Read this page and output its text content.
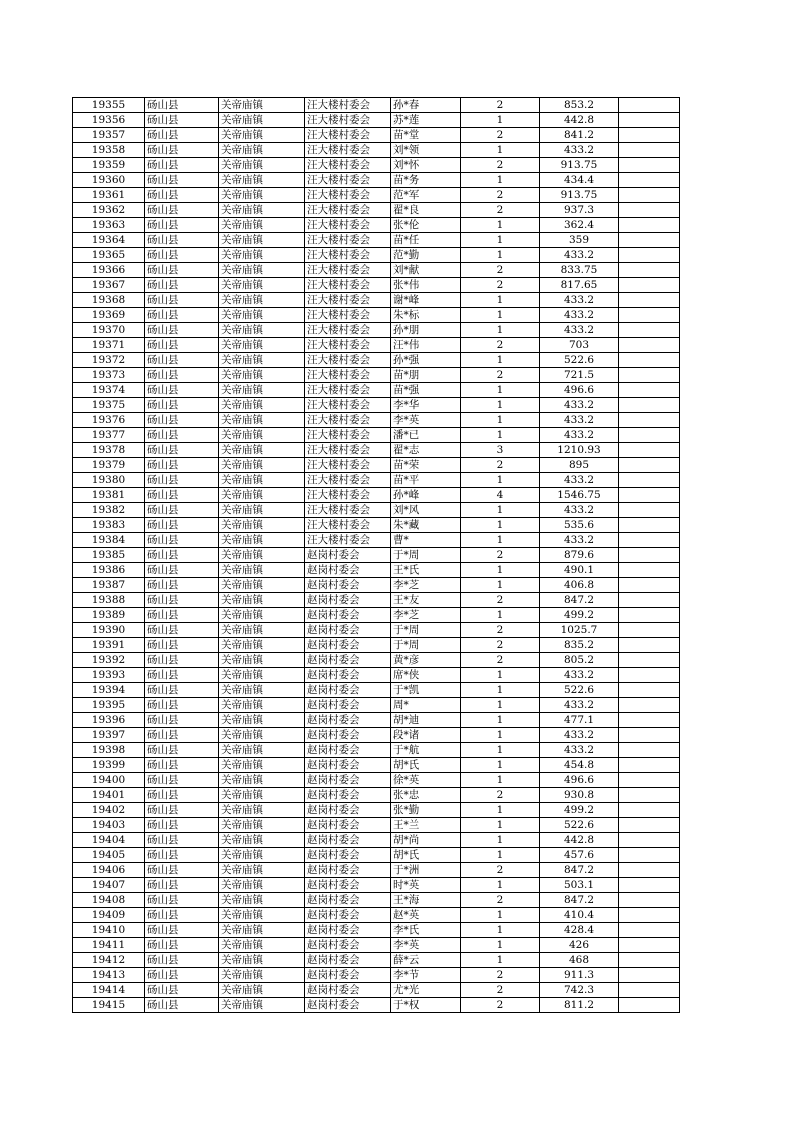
19355	砀山县	关帝庙镇	汪大楼村委会	孙*春	2	853.2	
19356	砀山县	关帝庙镇	汪大楼村委会	苏*莲	1	442.8	
19357	砀山县	关帝庙镇	汪大楼村委会	苗*堂	2	841.2	
19358	砀山县	关帝庙镇	汪大楼村委会	刘*领	1	433.2	
19359	砀山县	关帝庙镇	汪大楼村委会	刘*怀	2	913.75	
19360	砀山县	关帝庙镇	汪大楼村委会	苗*务	1	434.4	
19361	砀山县	关帝庙镇	汪大楼村委会	范*军	2	913.75	
19362	砀山县	关帝庙镇	汪大楼村委会	翟*良	2	937.3	
19363	砀山县	关帝庙镇	汪大楼村委会	张*伦	1	362.4	
19364	砀山县	关帝庙镇	汪大楼村委会	苗*任	1	359	
19365	砀山县	关帝庙镇	汪大楼村委会	范*勤	1	433.2	
19366	砀山县	关帝庙镇	汪大楼村委会	刘*献	2	833.75	
19367	砀山县	关帝庙镇	汪大楼村委会	张*伟	2	817.65	
19368	砀山县	关帝庙镇	汪大楼村委会	谢*峰	1	433.2	
19369	砀山县	关帝庙镇	汪大楼村委会	朱*标	1	433.2	
19370	砀山县	关帝庙镇	汪大楼村委会	孙*朋	1	433.2	
19371	砀山县	关帝庙镇	汪大楼村委会	汪*伟	2	703	
19372	砀山县	关帝庙镇	汪大楼村委会	孙*强	1	522.6	
19373	砀山县	关帝庙镇	汪大楼村委会	苗*朋	2	721.5	
19374	砀山县	关帝庙镇	汪大楼村委会	苗*强	1	496.6	
19375	砀山县	关帝庙镇	汪大楼村委会	李*华	1	433.2	
19376	砀山县	关帝庙镇	汪大楼村委会	李*英	1	433.2	
19377	砀山县	关帝庙镇	汪大楼村委会	潘*已	1	433.2	
19378	砀山县	关帝庙镇	汪大楼村委会	翟*志	3	1210.93	
19379	砀山县	关帝庙镇	汪大楼村委会	苗*荣	2	895	
19380	砀山县	关帝庙镇	汪大楼村委会	苗*平	1	433.2	
19381	砀山县	关帝庙镇	汪大楼村委会	孙*峰	4	1546.75	
19382	砀山县	关帝庙镇	汪大楼村委会	刘*风	1	433.2	
19383	砀山县	关帝庙镇	汪大楼村委会	朱*藏	1	535.6	
19384	砀山县	关帝庙镇	汪大楼村委会	曹*	1	433.2	
19385	砀山县	关帝庙镇	赵岗村委会	于*周	2	879.6	
19386	砀山县	关帝庙镇	赵岗村委会	王*氏	1	490.1	
19387	砀山县	关帝庙镇	赵岗村委会	李*芝	1	406.8	
19388	砀山县	关帝庙镇	赵岗村委会	王*友	2	847.2	
19389	砀山县	关帝庙镇	赵岗村委会	李*芝	1	499.2	
19390	砀山县	关帝庙镇	赵岗村委会	于*周	2	1025.7	
19391	砀山县	关帝庙镇	赵岗村委会	于*周	2	835.2	
19392	砀山县	关帝庙镇	赵岗村委会	黄*彦	2	805.2	
19393	砀山县	关帝庙镇	赵岗村委会	席*侠	1	433.2	
19394	砀山县	关帝庙镇	赵岗村委会	于*凯	1	522.6	
19395	砀山县	关帝庙镇	赵岗村委会	周*	1	433.2	
19396	砀山县	关帝庙镇	赵岗村委会	胡*迪	1	477.1	
19397	砀山县	关帝庙镇	赵岗村委会	段*诸	1	433.2	
19398	砀山县	关帝庙镇	赵岗村委会	于*航	1	433.2	
19399	砀山县	关帝庙镇	赵岗村委会	胡*氏	1	454.8	
19400	砀山县	关帝庙镇	赵岗村委会	徐*英	1	496.6	
19401	砀山县	关帝庙镇	赵岗村委会	张*忠	2	930.8	
19402	砀山县	关帝庙镇	赵岗村委会	张*勤	1	499.2	
19403	砀山县	关帝庙镇	赵岗村委会	王*兰	1	522.6	
19404	砀山县	关帝庙镇	赵岗村委会	胡*尚	1	442.8	
19405	砀山县	关帝庙镇	赵岗村委会	胡*氏	1	457.6	
19406	砀山县	关帝庙镇	赵岗村委会	于*洲	2	847.2	
19407	砀山县	关帝庙镇	赵岗村委会	时*英	1	503.1	
19408	砀山县	关帝庙镇	赵岗村委会	王*海	2	847.2	
19409	砀山县	关帝庙镇	赵岗村委会	赵*英	1	410.4	
19410	砀山县	关帝庙镇	赵岗村委会	李*氏	1	428.4	
19411	砀山县	关帝庙镇	赵岗村委会	李*英	1	426	
19412	砀山县	关帝庙镇	赵岗村委会	薛*云	1	468	
19413	砀山县	关帝庙镇	赵岗村委会	李*节	2	911.3	
19414	砀山县	关帝庙镇	赵岗村委会	尤*光	2	742.3	
19415	砀山县	关帝庙镇	赵岗村委会	于*权	2	811.2	
